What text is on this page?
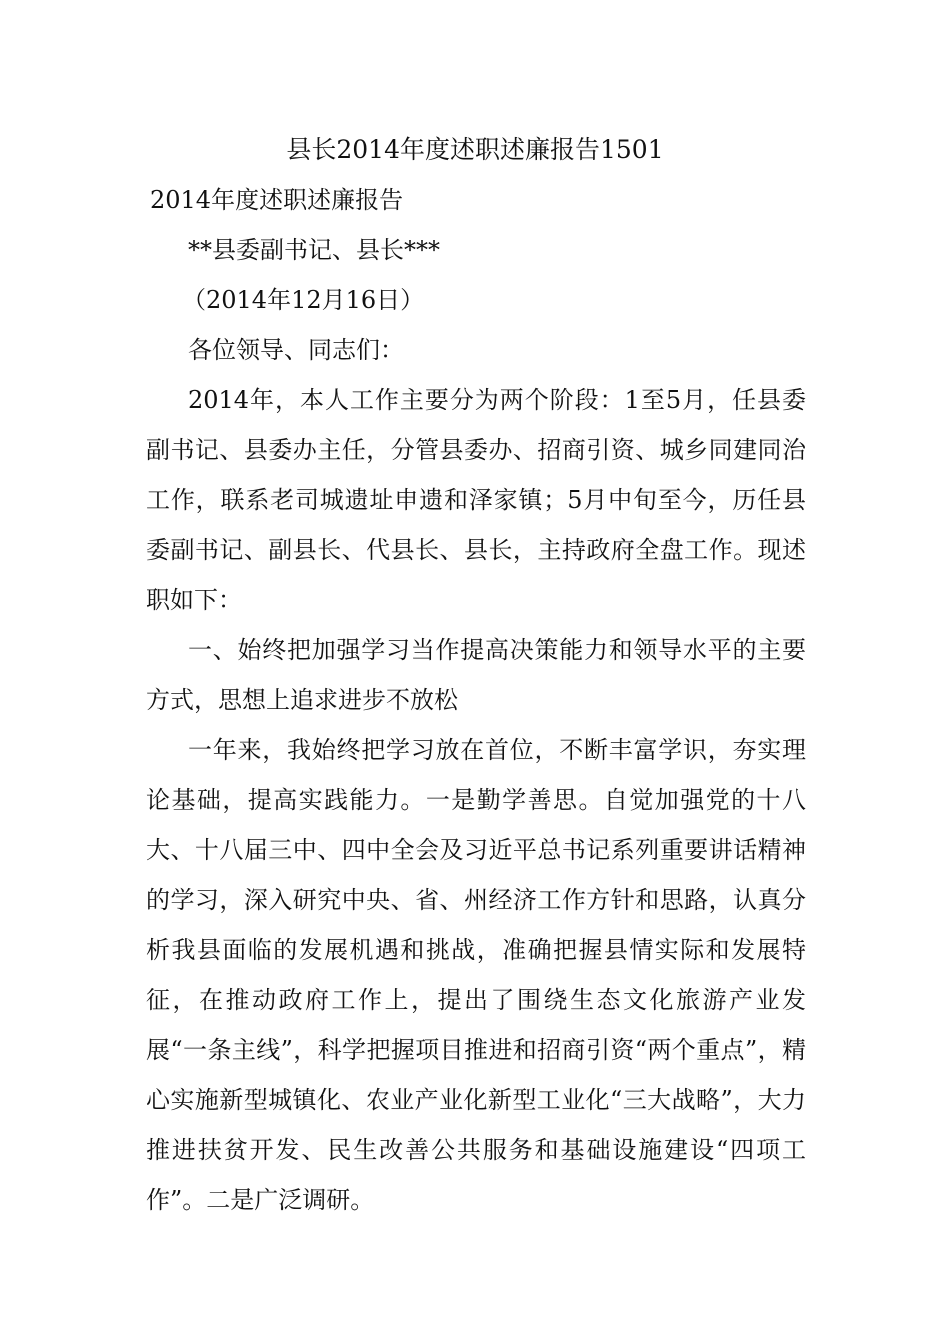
县长2014年度述职述廉报告1501
2014年度述职述廉报告
**县委副书记、县长***
（2014年12月16日）
各位领导、同志们：

2014年，本人工作主要分为两个阶段：1至5月，任县委副书记、县委办主任，分管县委办、招商引资、城乡同建同治工作，联系老司城遗址申遗和泽家镇；5月中旬至今，历任县委副书记、副县长、代县长、县长，主持政府全盘工作。现述职如下：

一、始终把加强学习当作提高决策能力和领导水平的主要方式，思想上追求进步不放松

一年来，我始终把学习放在首位，不断丰富学识，夯实理论基础，提高实践能力。一是勤学善思。自觉加强党的十八大、十八届三中、四中全会及习近平总书记系列重要讲话精神的学习，深入研究中央、省、州经济工作方针和思路，认真分析我县面临的发展机遇和挑战，准确把握县情实际和发展特征，在推动政府工作上，提出了围绕生态文化旅游产业发展“一条主线”，科学把握项目推进和招商引资“两个重点”，精心实施新型城镇化、农业产业化新型工业化“三大战略”，大力推进扶贫开发、民生改善公共服务和基础设施建设“四项工作”。二是广泛调研。
